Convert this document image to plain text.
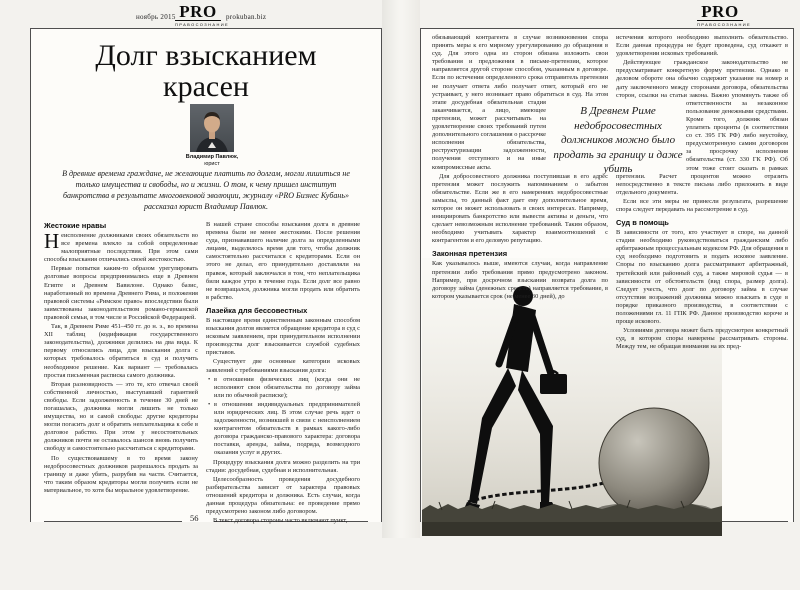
ноябрь 2015 PRO
ПРАВОСОЗНАНИЕ
prokuban.biz
Долг взысканием красен
Владимир Павлюк,
юрист
В древние времена граждане, не желающие платить по долгам, могли лишиться не только имущества и свободы, но и жизни. О том, к чему пришел институт банкротства в результате многовековой эволюции, журналу «PRO Бизнес Кубань» рассказал юрист Владимир Павлюк.
Жестокие нравы

Неисполнение должниками своих обязательств во все времена влекло за собой определенные малоприятные последствия. При этом сами способы взыскания отличались своей жестокостью.

Первые попытки каким-то образом урегулировать долговые вопросы предпринимались еще в Древнем Египте и Древнем Вавилоне. Однако базис, наработанный во времена Древнего Рима, и положения правовой системы «Римское право» впоследствии были заимствованы законодательством романо-германской правовой семьи, в том числе и Российской Федерацией.

Так, в Древнем Риме 451–450 гг. до н. э., во времена XII таблиц (кодификация государственного законодательства), должники делились на два вида. К первому относились лица, для взыскания долга с которых требовалось обратиться в суд и получить необходимое решение. Как вариант — требовалась простая письменная расписка самого должника.

Вторая разновидность — это те, кто отвечал своей собственной личностью, выступавшей гарантией свободы. Если задолженность в течение 30 дней не погашалась, должника могли лишить не только имущества, но и самой свободы: другие кредиторы могли погасить долг и обратить неплательщика к себе в долговое рабство. При этом у несостоятельных должников почти не оставалось шансов вновь получить свободу и самостоятельно рассчитаться с кредиторами.

По существовавшему в то время закону недобросовестных должников разрешалось продать за границу и даже убить, разрубив на части. Считается, что таким образом кредиторы могли получить если не материальное, то хотя бы моральное удовлетворение.

В нашей стране способы взыскания долга в древние времена были не менее жестокими. После решения суда, признававшего наличие долга за определенными лицами, выделялось время для того, чтобы должник самостоятельно рассчитался с кредиторами. Если он этого не делал, его принудительно доставляли на правеж, который заключался в том, что неплательщика били каждое утро в течение года. Если долг все равно не возвращался, должника могли продать или обратить в рабство.

Лазейка для бессовестных

В настоящее время единственным законным способом взыскания долгов является обращение кредитора в суд с исковым заявлением, при принудительном исполнении производства долг взыскивается службой судебных приставов.

Существует две основные категории исковых заявлений с требованиями взыскания долга:

• в отношении физических лиц (когда они не исполняют свои обязательства по договору займа или по обычной расписке);

• в отношении индивидуальных предпринимателей или юридических лиц. В этом случае речь идет о задолженности, возникшей в связи с неисполнением контрагентом обязательств в рамках какого-либо договора гражданско-правового характера: договора поставки, аренды, займа, подряда, возмездного оказания услуг и других.

Процедуру взыскания долга можно разделить на три стадии: досудебная, судебная и исполнительная.

Целесообразность проведения досудебного разбирательства зависит от характера правовых отношений кредитора и должника. Есть случаи, когда данная процедура обязательна: ее проведение прямо предусмотрено законом либо договором.

В текст договора стороны часто включают пункт,

56
PRO
ПРАВОСОЗНАНИЕ

обязывающий контрагента в случае возникновения спора принять меры к его мирному урегулированию до обращения в суд. Для этого одна из сторон обязана изложить свои требования и предложения в письме-претензии, которое направляется другой стороне способом, указанным в договоре. Если по истечении определенного срока отправитель претензии не получает ответа либо получает ответ, который его не устраивает, у него возникает право обратиться в суд. На этом этапе досудебная обязательная стадия заканчивается, а лицо, имеющее претензии, может рассчитывать на удовлетворение своих требований путем дополнительного соглашения о рассрочке исполнения обязательства, реструктуризации задолженности, получения отступного и на иные компромиссные акты.

Для добросовестного должника поступившая в его адрес претензия может послужить напоминанием о забытом обязательстве. Если же в его намерениях недобросовестные замыслы, то данный факт дает ему дополнительное время, которое он может использовать в своих интересах. Например, инициировать банкротство или вывести активы и деньги, что сделает невозможным исполнение требований. Таким образом, необходимо учитывать характер взаимоотношений с контрагентом и его деловую репутацию.

Законная претензия

Как указывалось выше, имеются случаи, когда направление претензии либо требования прямо предусмотрено законом. Например, при досрочном взыскании возврата долга по договору займа (денежных средств) направляется требование, в котором указывается срок (не менее 30 дней), до

истечения которого необходимо выполнить обязательство. Если данная процедура не будет проведена, суд откажет в удовлетворении исковых требований.

Действующее гражданское законодательство не предусматривает конкретную форму претензии. Однако в деловом обороте она обычно содержит указание на номер и дату заключенного между сторонами договора, обязательства сторон, ссылки на статьи закона. Важно упомянуть также об ответственности за незаконное пользование денежными средствами. Кроме того, должник обязан уплатить проценты (в соответствии со ст. 395 ГК РФ) либо неустойку, предусмотренную самим договором за просрочку исполнения обязательства (ст. 330 ГК РФ). Об этом тоже стоит сказать в рамках претензии. Расчет процентов можно отразить непосредственно в тексте письма либо приложить в виде отдельного документа.

Если все эти меры не принесли результата, разрешение спора следует передавать на рассмотрение в суд.

Суд в помощь

В зависимости от того, кто участвует в споре, на данной стадии необходимо руководствоваться гражданским либо арбитражным процессуальным кодексом РФ. Для обращения в суд необходимо подготовить и подать исковое заявление. Споры по взысканию долга рассматривают арбитражный, третейский или районный суд, а также мировой судья — в зависимости от обстоятельств (вид спора, размер долга). Следует учесть, что долг по договору займа в случае отсутствия возражений должника можно взыскать в суде в порядке приказного производства, в соответствии с положениями гл. 11 ГПК РФ. Данное производство короче и проще искового.

Условиями договора может быть предусмотрен конкретный суд, в котором споры намерены рассматривать стороны. Между тем, не обращая внимания на их пред-

В Древнем Риме недобросовестных должников можно было продать за границу и даже убить
